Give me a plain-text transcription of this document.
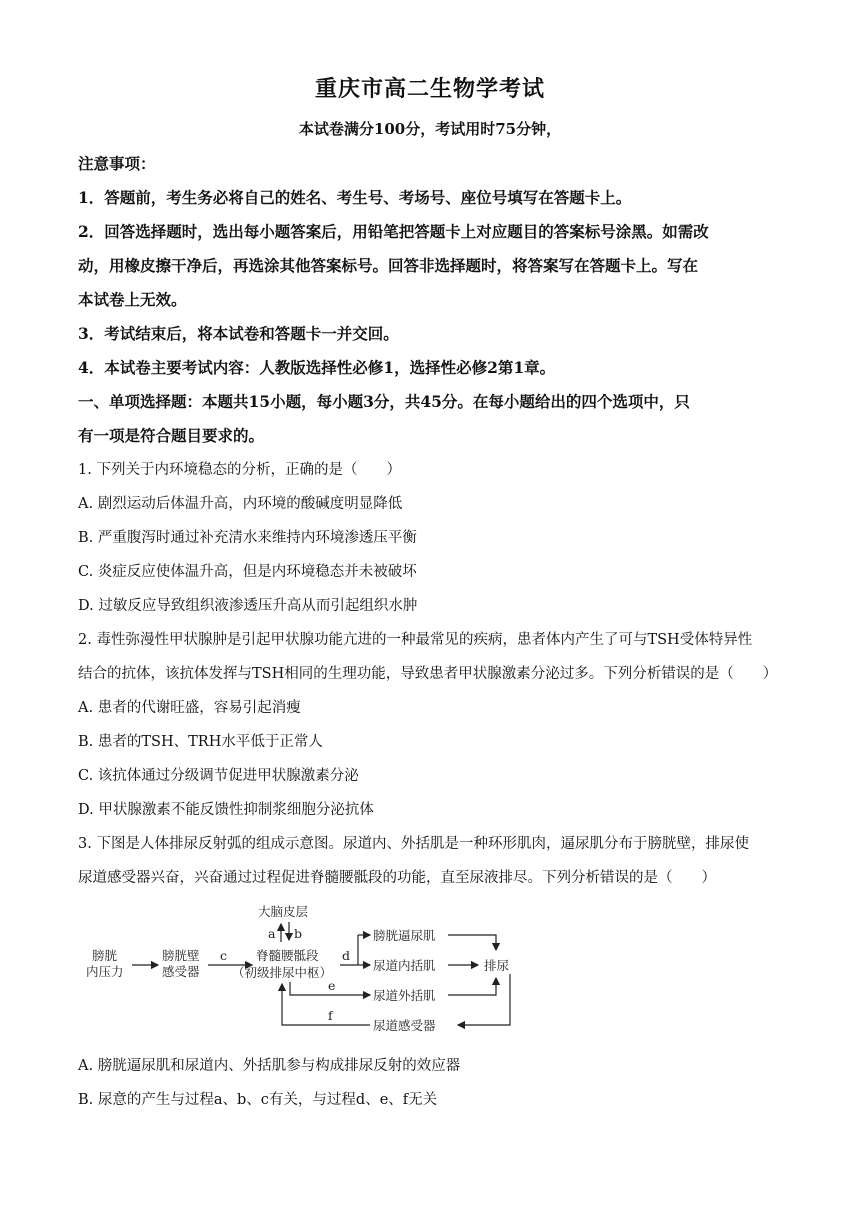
重庆市高二生物学考试
本试卷满分100分，考试用时75分钟，
注意事项：
1．答题前，考生务必将自己的姓名、考生号、考场号、座位号填写在答题卡上。
2．回答选择题时，选出每小题答案后，用铅笔把答题卡上对应题目的答案标号涂黑。如需改
动，用橡皮擦干净后，再选涂其他答案标号。回答非选择题时，将答案写在答题卡上。写在
本试卷上无效。
3．考试结束后，将本试卷和答题卡一并交回。
4．本试卷主要考试内容：人教版选择性必修1，选择性必修2第1章。
一、单项选择题：本题共15小题，每小题3分，共45分。在每小题给出的四个选项中，只
有一项是符合题目要求的。
1. 下列关于内环境稳态的分析，正确的是（　　）
A. 剧烈运动后体温升高，内环境的酸碱度明显降低
B. 严重腹泻时通过补充清水来维持内环境渗透压平衡
C. 炎症反应使体温升高，但是内环境稳态并未被破坏
D. 过敏反应导致组织液渗透压升高从而引起组织水肿
2. 毒性弥漫性甲状腺肿是引起甲状腺功能亢进的一种最常见的疾病，患者体内产生了可与TSH受体特异性
结合的抗体，该抗体发挥与TSH相同的生理功能，导致患者甲状腺激素分泌过多。下列分析错误的是（　　）
A. 患者的代谢旺盛，容易引起消瘦
B. 患者的TSH、TRH水平低于正常人
C. 该抗体通过分级调节促进甲状腺激素分泌
D. 甲状腺激素不能反馈性抑制浆细胞分泌抗体
3. 下图是人体排尿反射弧的组成示意图。尿道内、外括肌是一种环形肌肉，逼尿肌分布于膀胱壁，排尿使
尿道感受器兴奋，兴奋通过过程促进脊髓腰骶段的功能，直至尿液排尽。下列分析错误的是（　　）
大脑皮层
a b
膀胱
内压力
膀胱壁
感受器
c 脊髓腰骶段
（初级排尿中枢）
d
膀胱逼尿肌
尿道内括肌
尿道外括肌
尿道感受器
排尿
e
f
A. 膀胱逼尿肌和尿道内、外括肌参与构成排尿反射的效应器
B. 尿意的产生与过程a、b、c有关，与过程d、e、f无关
